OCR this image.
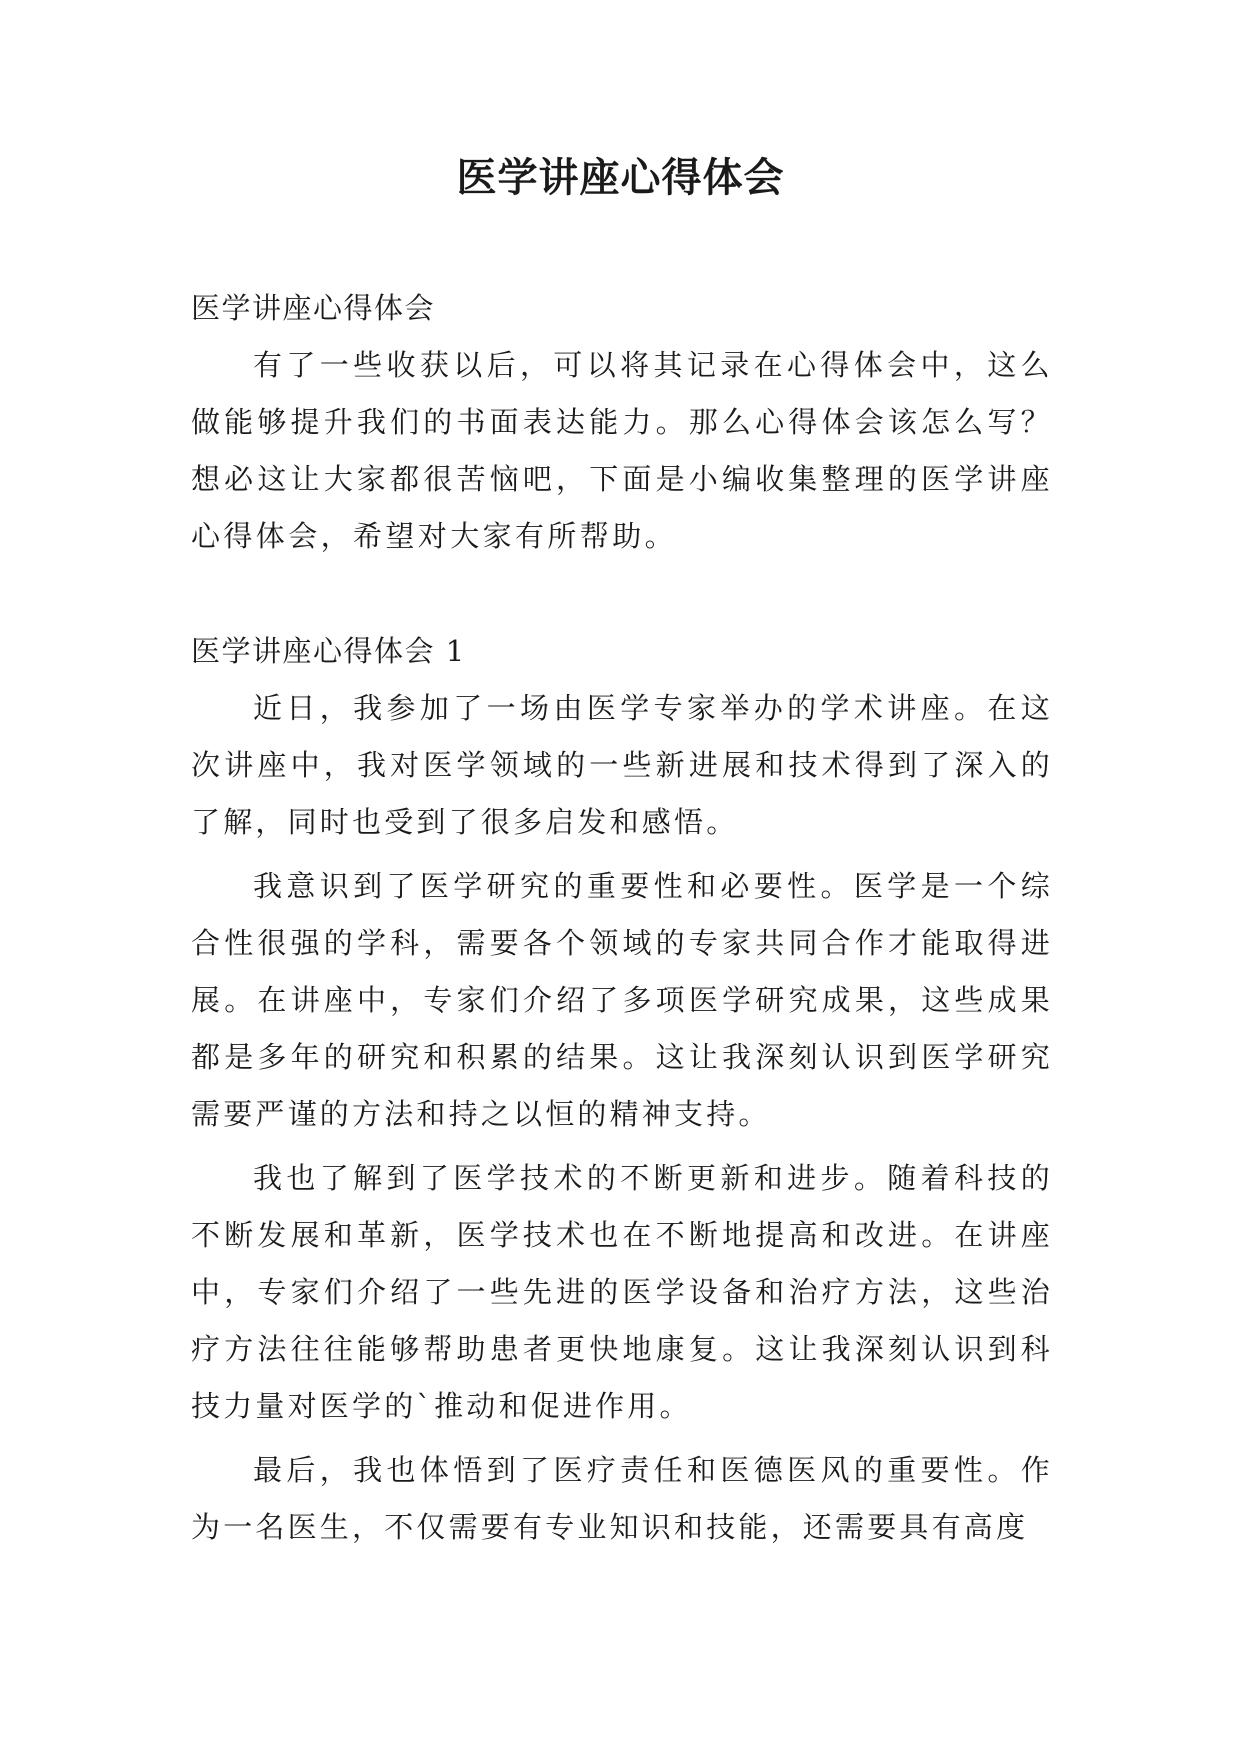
医学讲座心得体会

医学讲座心得体会

有了一些收获以后，可以将其记录在心得体会中，这么做能够提升我们的书面表达能力。那么心得体会该怎么写？想必这让大家都很苦恼吧，下面是小编收集整理的医学讲座心得体会，希望对大家有所帮助。

医学讲座心得体会 1

近日，我参加了一场由医学专家举办的学术讲座。在这次讲座中，我对医学领域的一些新进展和技术得到了深入的了解，同时也受到了很多启发和感悟。

我意识到了医学研究的重要性和必要性。医学是一个综合性很强的学科，需要各个领域的专家共同合作才能取得进展。在讲座中，专家们介绍了多项医学研究成果，这些成果都是多年的研究和积累的结果。这让我深刻认识到医学研究需要严谨的方法和持之以恒的精神支持。

我也了解到了医学技术的不断更新和进步。随着科技的不断发展和革新，医学技术也在不断地提高和改进。在讲座中，专家们介绍了一些先进的医学设备和治疗方法，这些治疗方法往往能够帮助患者更快地康复。这让我深刻认识到科技力量对医学的`推动和促进作用。

最后，我也体悟到了医疗责任和医德医风的重要性。作为一名医生，不仅需要有专业知识和技能，还需要具有高度
